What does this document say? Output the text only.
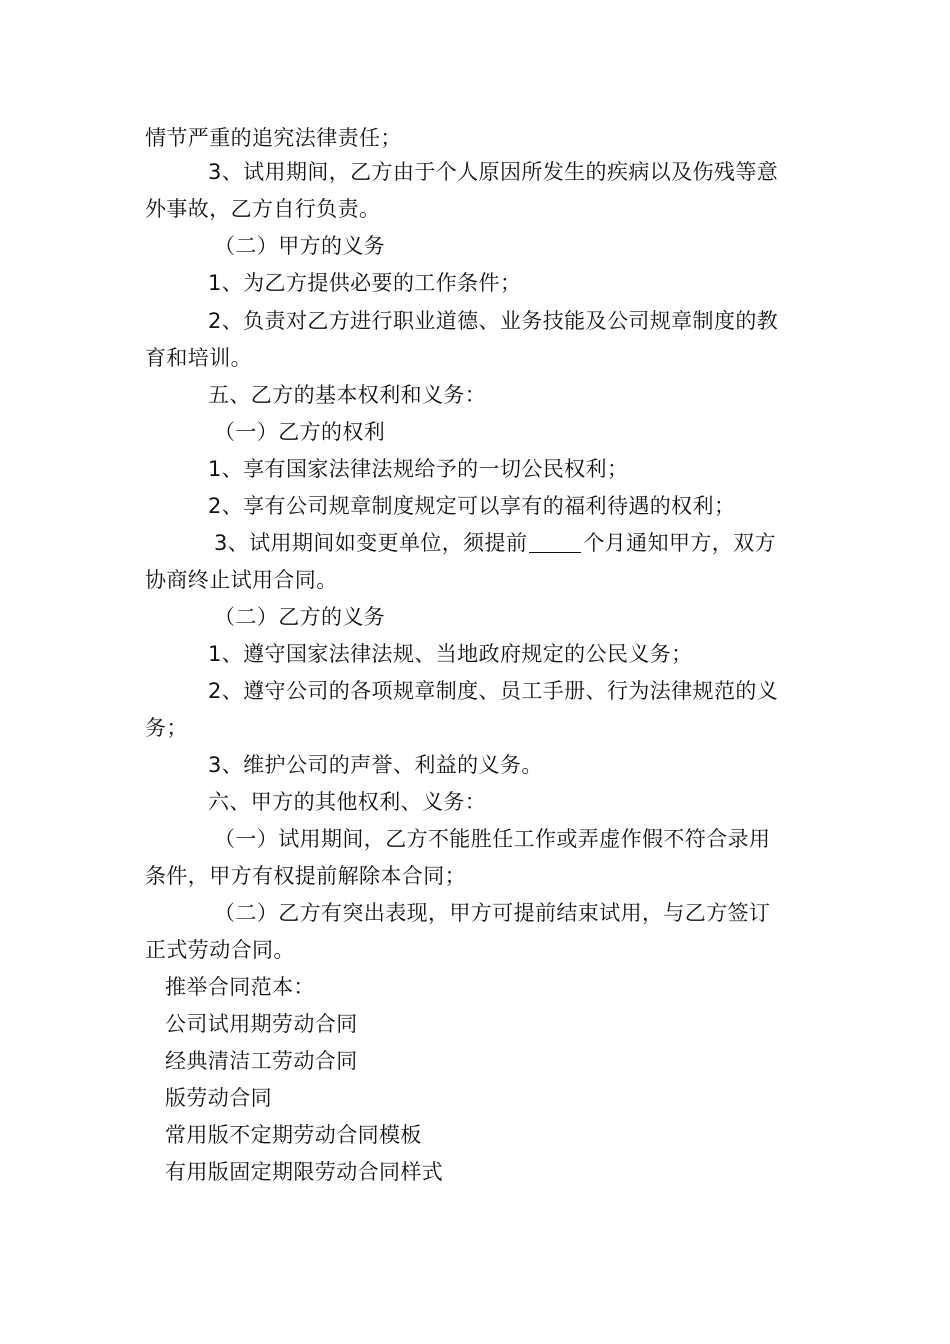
情节严重的追究法律责任；
3、试用期间，乙方由于个人原因所发生的疾病以及伤残等意
外事故，乙方自行负责。
（二）甲方的义务
1、为乙方提供必要的工作条件；
2、负责对乙方进行职业道德、业务技能及公司规章制度的教
育和培训。
五、乙方的基本权利和义务：
（一）乙方的权利
1、享有国家法律法规给予的一切公民权利；
2、享有公司规章制度规定可以享有的福利待遇的权利；
3、试用期间如变更单位，须提前	个月通知甲方，双方
协商终止试用合同。
（二）乙方的义务
1、遵守国家法律法规、当地政府规定的公民义务；
2、遵守公司的各项规章制度、员工手册、行为法律规范的义
务；
3、维护公司的声誉、利益的义务。
六、甲方的其他权利、义务：
（一）试用期间，乙方不能胜任工作或弄虚作假不符合录用
条件，甲方有权提前解除本合同；
（二）乙方有突出表现，甲方可提前结束试用，与乙方签订
正式劳动合同。
推举合同范本：
公司试用期劳动合同
经典清洁工劳动合同
版劳动合同
常用版不定期劳动合同模板
有用版固定期限劳动合同样式
